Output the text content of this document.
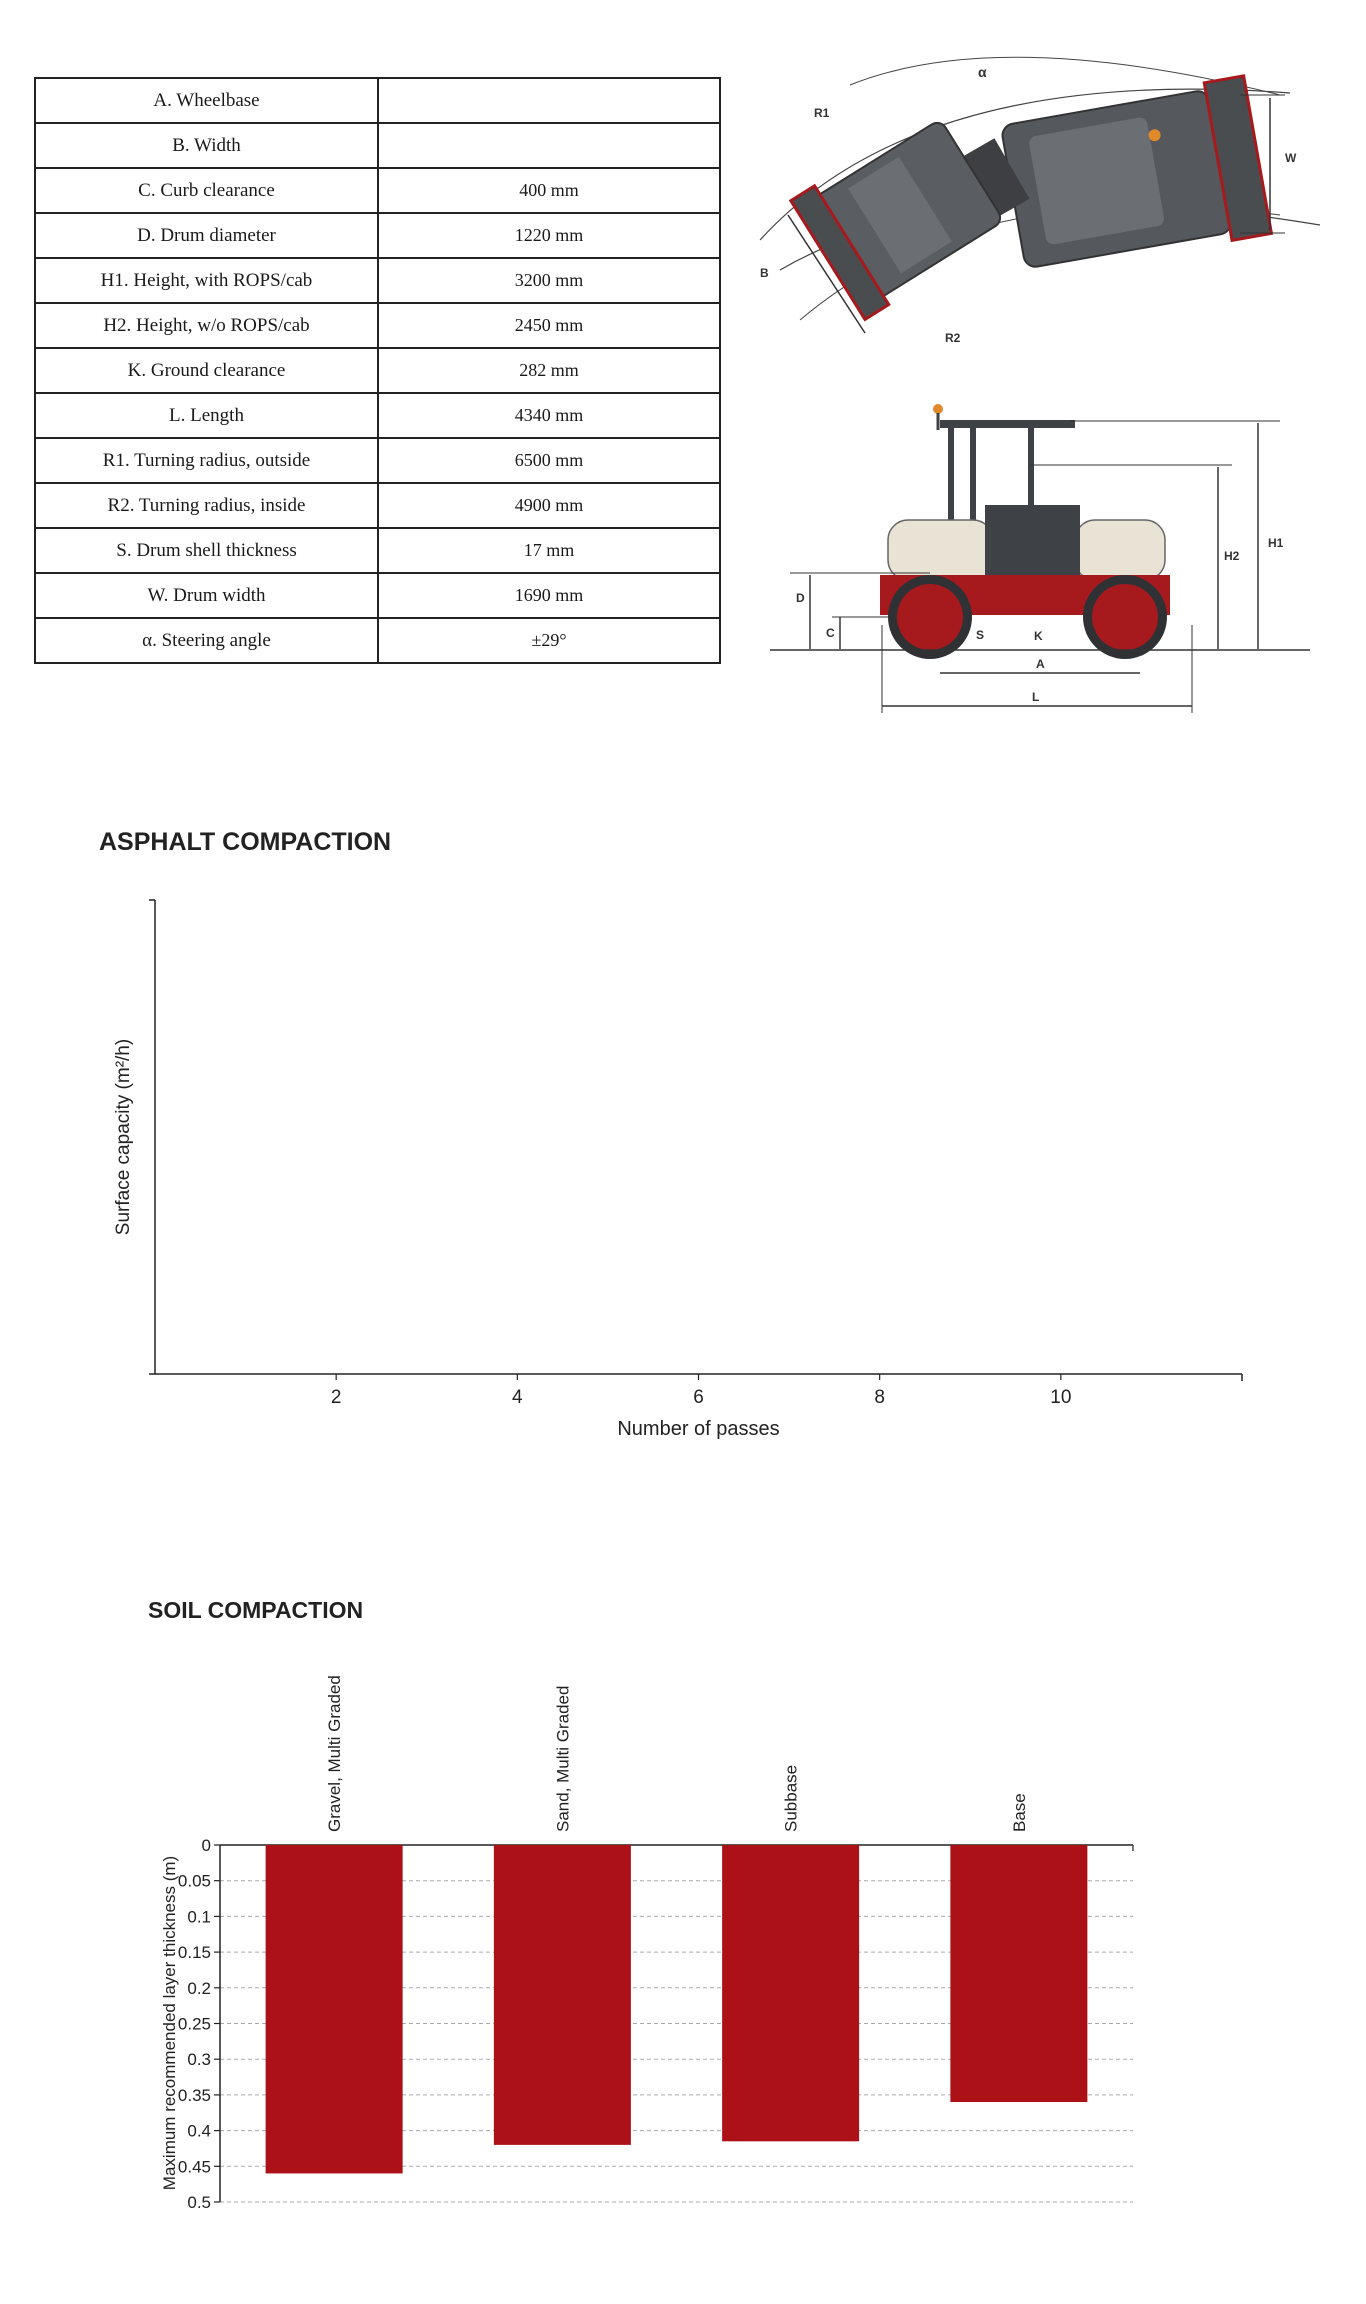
A. Wheelbase	
B. Width	
C. Curb clearance	400 mm
D. Drum diameter	1220 mm
H1. Height, with ROPS/cab	3200 mm
H2. Height, w/o ROPS/cab	2450 mm
K. Ground clearance	282 mm
L. Length	4340 mm
R1. Turning radius, outside	6500 mm
R2. Turning radius, inside	4900 mm
S. Drum shell thickness	17 mm
W. Drum width	1690 mm
α. Steering angle	±29°
W
B
R1
R2
α
H1
H2
D
C	S	K
A
L
ASPHALT COMPACTION
2	4	6	8	10
Number of passes
Surface capacity (m²/h)
SOIL COMPACTION
0
0.05
0.1
0.15
0.2
0.25
0.3
0.35
0.4
0.45
0.5
Gravel, Multi Graded	Sand, Multi Graded	Subbase	Base
Maximum recommended layer thickness (m)
